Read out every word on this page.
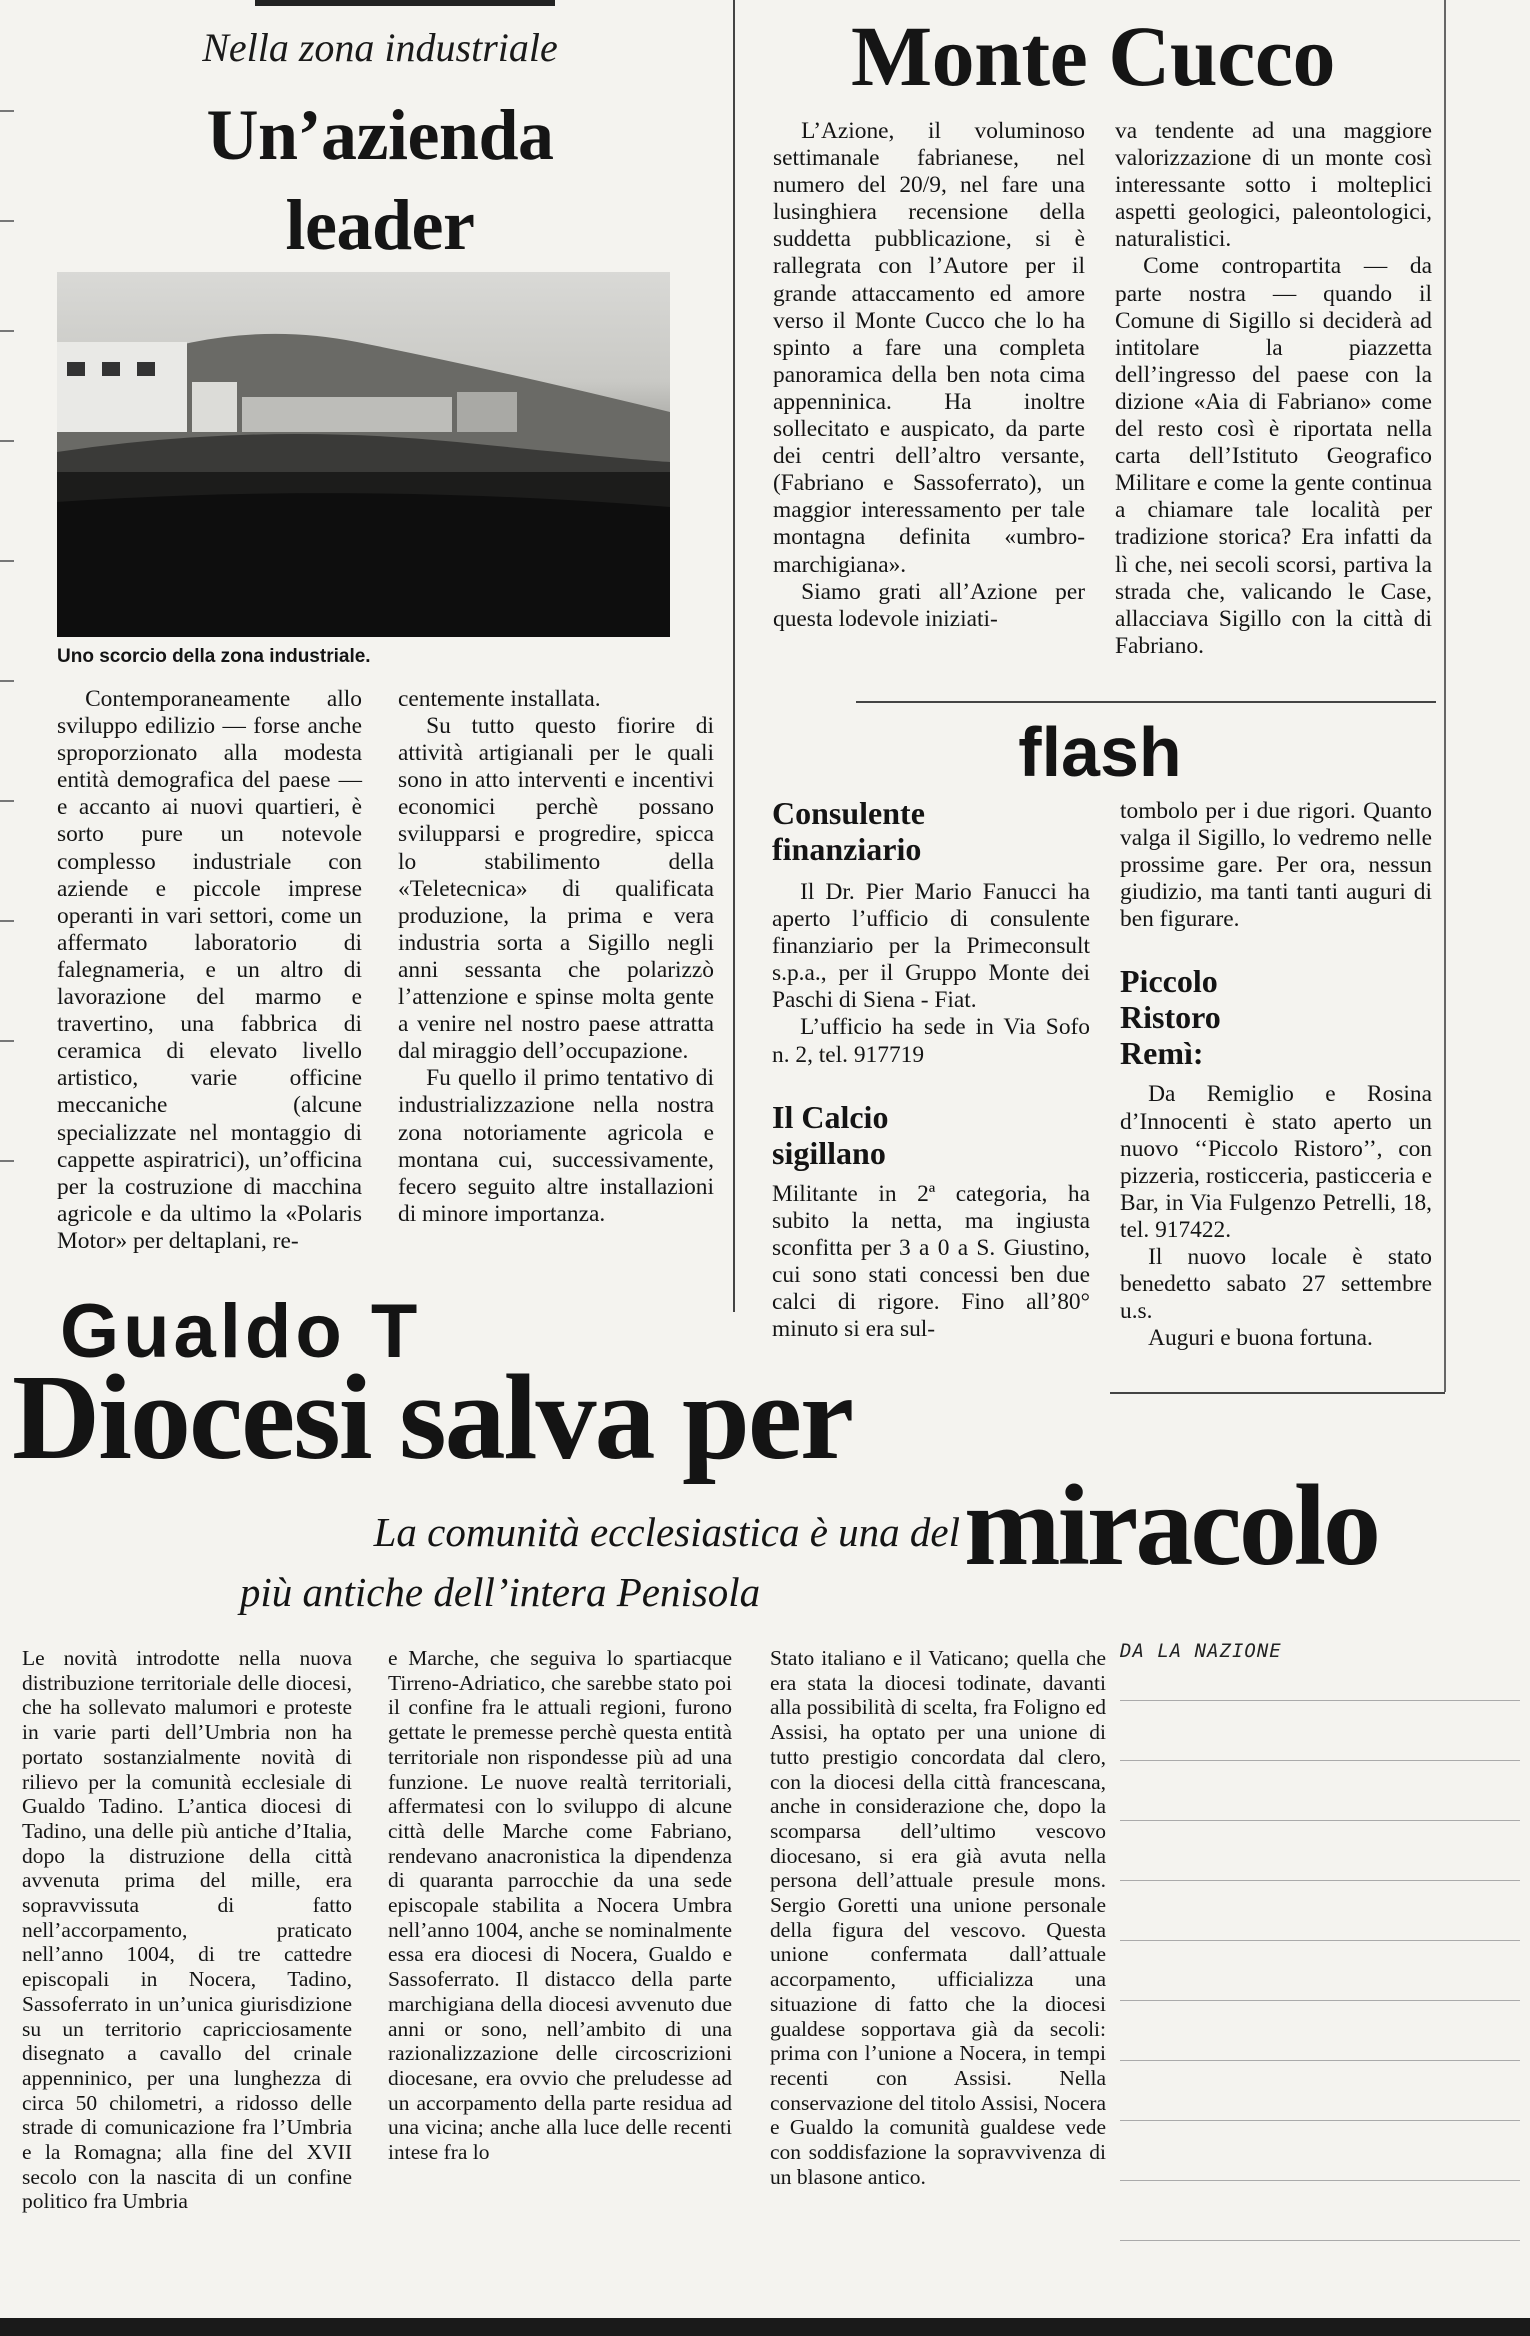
Nella zona industriale
Un’azienda
leader
Uno scorcio della zona industriale.

Contemporaneamente allo sviluppo edilizio — forse anche sproporzionato alla modesta entità demografica del paese — e accanto ai nuovi quartieri, è sorto pure un notevole complesso industriale con aziende e piccole imprese operanti in vari settori, come un affermato laboratorio di falegnameria, e un altro di lavorazione del marmo e travertino, una fabbrica di ceramica di elevato livello artistico, varie officine meccaniche (alcune specializzate nel montaggio di cappette aspiratrici), un’officina per la costruzione di macchina agricole e da ultimo la «Polaris Motor» per deltaplani, re-

centemente installata.

Su tutto questo fiorire di attività artigianali per le quali sono in atto interventi e incentivi economici perchè possano svilupparsi e progredire, spicca lo stabilimento della «Teletecnica» di qualificata produzione, la prima e vera industria sorta a Sigillo negli anni sessanta che polarizzò l’attenzione e spinse molta gente a venire nel nostro paese attratta dal miraggio dell’occupazione.

Fu quello il primo tentativo di industrializzazione nella nostra zona notoriamente agricola e montana cui, successivamente, fecero seguito altre installazioni di minore importanza.

Monte Cucco

L’Azione, il voluminoso settimanale fabrianese, nel numero del 20/9, nel fare una lusinghiera recensione della suddetta pubblicazione, si è rallegrata con l’Autore per il grande attaccamento ed amore verso il Monte Cucco che lo ha spinto a fare una completa panoramica della ben nota cima appenninica. Ha inoltre sollecitato e auspicato, da parte dei centri dell’altro versante, (Fabriano e Sassoferrato), un maggior interessamento per tale montagna definita «umbro-marchigiana».

Siamo grati all’Azione per questa lodevole iniziati-

va tendente ad una maggiore valorizzazione di un monte così interessante sotto i molteplici aspetti geologici, paleontologici, naturalistici.

Come contropartita — da parte nostra — quando il Comune di Sigillo si deciderà ad intitolare la piazzetta dell’ingresso del paese con la dizione «Aia di Fabriano» come del resto così è riportata nella carta dell’Istituto Geografico Militare e come la gente continua a chiamare tale località per tradizione storica? Era infatti da lì che, nei secoli scorsi, partiva la strada che, valicando le Case, allacciava Sigillo con la città di Fabriano.

flash
Consulente
finanziario

Il Dr. Pier Mario Fanucci ha aperto l’ufficio di consulente finanziario per la Primeconsult s.p.a., per il Gruppo Monte dei Paschi di Siena - Fiat.

L’ufficio ha sede in Via Sofo n. 2, tel. 917719

Il Calcio
sigillano

Militante in 2ª categoria, ha subito la netta, ma ingiusta sconfitta per 3 a 0 a S. Giustino, cui sono stati concessi ben due calci di rigore. Fino all’80° minuto si era sul-

tombolo per i due rigori. Quanto valga il Sigillo, lo vedremo nelle prossime gare. Per ora, nessun giudizio, ma tanti tanti auguri di ben figurare.

Piccolo
Ristoro
Remì:

Da Remiglio e Rosina d’Innocenti è stato aperto un nuovo ‘‘Piccolo Ristoro’’, con pizzeria, rosticceria, pasticceria e Bar, in Via Fulgenzo Petrelli, 18, tel. 917422.

Il nuovo locale è stato benedetto sabato 27 settembre u.s.

Auguri e buona fortuna.

Gualdo T
Diocesi salva per
miracolo
La comunità ecclesiastica è una del
più antiche dell’intera Penisola

Le novità introdotte nella nuova distribuzione territoriale delle diocesi, che ha sollevato malumori e proteste in varie parti dell’Umbria non ha portato sostanzialmente novità di rilievo per la comunità ecclesiale di Gualdo Tadino. L’antica diocesi di Tadino, una delle più antiche d’Italia, dopo la distruzione della città avvenuta prima del mille, era sopravvissuta di fatto nell’accorpamento, praticato nell’anno 1004, di tre cattedre episcopali in Nocera, Tadino, Sassoferrato in un’unica giurisdizione su un territorio capricciosamente disegnato a cavallo del crinale appenninico, per una lunghezza di circa 50 chilometri, a ridosso delle strade di comunicazione fra l’Umbria e la Romagna; alla fine del XVII secolo con la nascita di un confine politico fra Umbria

e Marche, che seguiva lo spartiacque Tirreno-Adriatico, che sarebbe stato poi il confine fra le attuali regioni, furono gettate le premesse perchè questa entità territoriale non rispondesse più ad una funzione. Le nuove realtà territoriali, affermatesi con lo sviluppo di alcune città delle Marche come Fabriano, rendevano anacronistica la dipendenza di quaranta parrocchie da una sede episcopale stabilita a Nocera Umbra nell’anno 1004, anche se nominalmente essa era diocesi di Nocera, Gualdo e Sassoferrato. Il distacco della parte marchigiana della diocesi avvenuto due anni or sono, nell’ambito di una razionalizzazione delle circoscrizioni diocesane, era ovvio che preludesse ad un accorpamento della parte residua ad una vicina; anche alla luce delle recenti intese fra lo

Stato italiano e il Vaticano; quella che era stata la diocesi todinate, davanti alla possibilità di scelta, fra Foligno ed Assisi, ha optato per una unione di tutto prestigio concordata dal clero, con la diocesi della città francescana, anche in considerazione che, dopo la scomparsa dell’ultimo vescovo diocesano, si era già avuta nella persona dell’attuale presule mons. Sergio Goretti una unione personale della figura del vescovo. Questa unione confermata dall’attuale accorpamento, ufficializza una situazione di fatto che la diocesi gualdese sopportava già da secoli: prima con l’unione a Nocera, in tempi recenti con Assisi. Nella conservazione del titolo Assisi, Nocera e Gualdo la comunità gualdese vede con soddisfazione la sopravvivenza di un blasone antico.

DA LA NAZIONE
